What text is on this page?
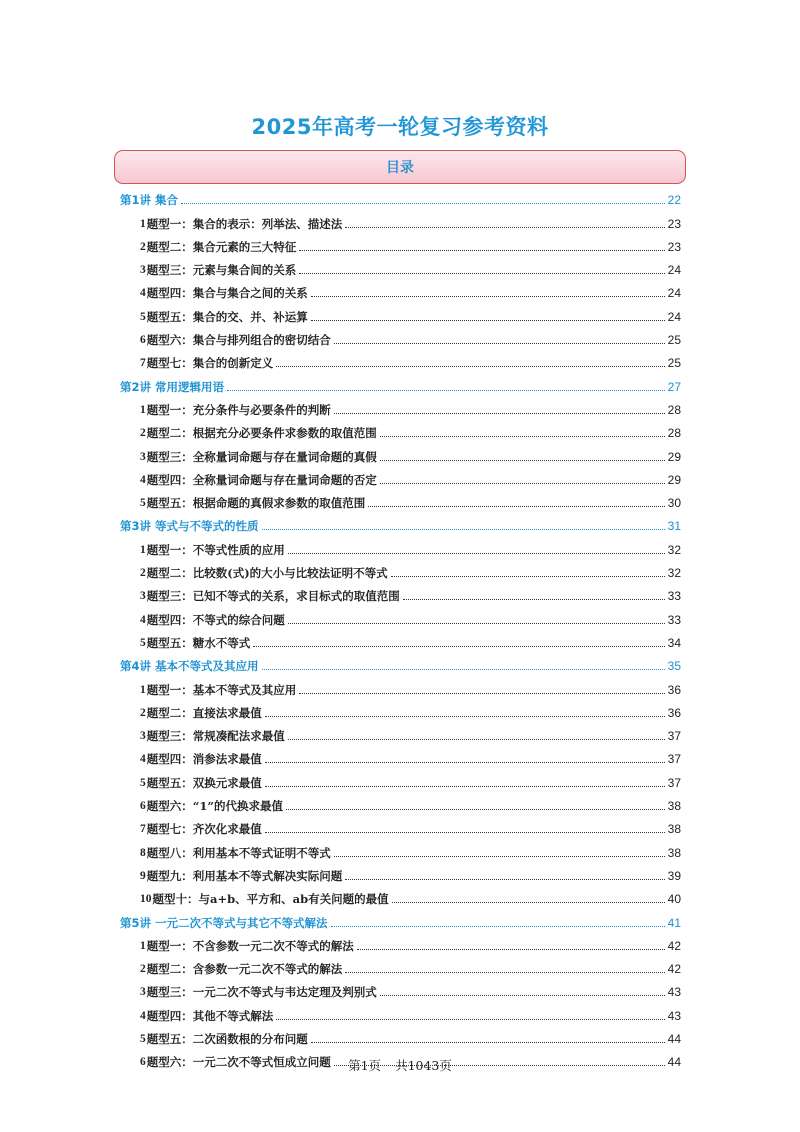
2025年高考一轮复习参考资料
目录
第1讲 集合	22
1 题型一：集合的表示：列举法、描述法	23
2 题型二：集合元素的三大特征	23
3 题型三：元素与集合间的关系	24
4 题型四：集合与集合之间的关系	24
5 题型五：集合的交、并、补运算	24
6 题型六：集合与排列组合的密切结合	25
7 题型七：集合的创新定义	25
第2讲 常用逻辑用语	27
1 题型一：充分条件与必要条件的判断	28
2 题型二：根据充分必要条件求参数的取值范围	28
3 题型三：全称量词命题与存在量词命题的真假	29
4 题型四：全称量词命题与存在量词命题的否定	29
5 题型五：根据命题的真假求参数的取值范围	30
第3讲 等式与不等式的性质	31
1 题型一：不等式性质的应用	32
2 题型二：比较数(式)的大小与比较法证明不等式	32
3 题型三：已知不等式的关系，求目标式的取值范围	33
4 题型四：不等式的综合问题	33
5 题型五：糖水不等式	34
第4讲 基本不等式及其应用	35
1 题型一：基本不等式及其应用	36
2 题型二：直接法求最值	36
3 题型三：常规凑配法求最值	37
4 题型四：消参法求最值	37
5 题型五：双换元求最值	37
6 题型六：“1”的代换求最值	38
7 题型七：齐次化求最值	38
8 题型八：利用基本不等式证明不等式	38
9 题型九：利用基本不等式解决实际问题	39
10 题型十：与a+b、平方和、ab有关问题的最值	40
第5讲 一元二次不等式与其它不等式解法	41
1 题型一：不含参数一元二次不等式的解法	42
2 题型二：含参数一元二次不等式的解法	42
3 题型三：一元二次不等式与韦达定理及判别式	43
4 题型四：其他不等式解法	43
5 题型五：二次函数根的分布问题	44
6 题型六：一元二次不等式恒成立问题	44
第1页 共1043页
